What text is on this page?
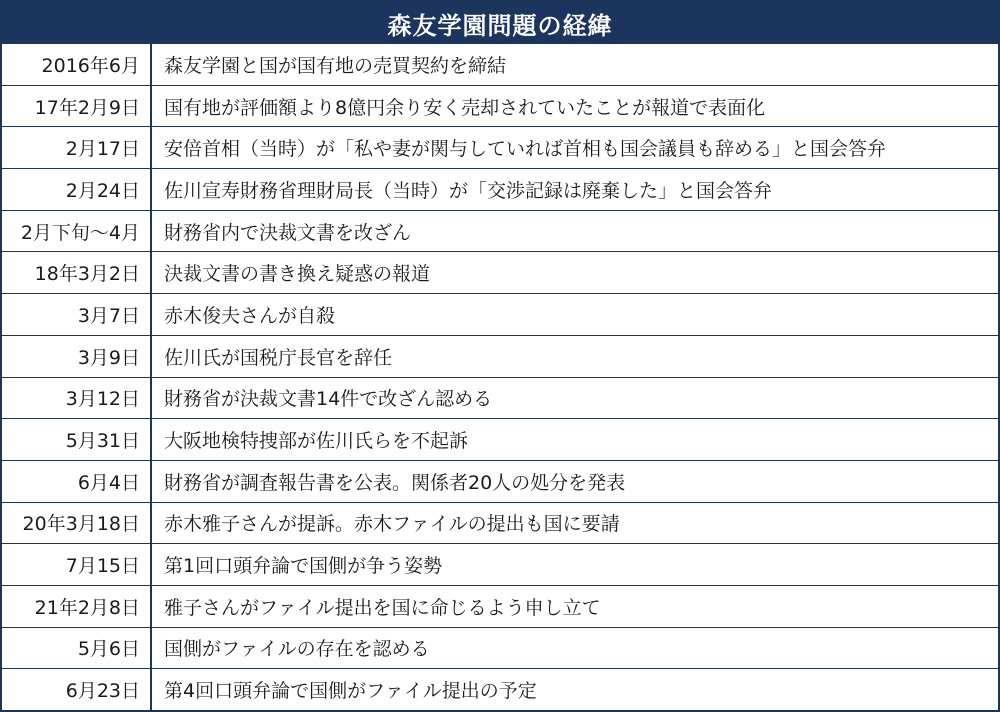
森友学園問題の経緯
2016年6月	森友学園と国が国有地の売買契約を締結
17年2月9日	国有地が評価額より8億円余り安く売却されていたことが報道で表面化
2月17日	安倍首相（当時）が「私や妻が関与していれば首相も国会議員も辞める」と国会答弁
2月24日	佐川宣寿財務省理財局長（当時）が「交渉記録は廃棄した」と国会答弁
2月下旬～4月	財務省内で決裁文書を改ざん
18年3月2日	決裁文書の書き換え疑惑の報道
3月7日	赤木俊夫さんが自殺
3月9日	佐川氏が国税庁長官を辞任
3月12日	財務省が決裁文書14件で改ざん認める
5月31日	大阪地検特捜部が佐川氏らを不起訴
6月4日	財務省が調査報告書を公表。関係者20人の処分を発表
20年3月18日	赤木雅子さんが提訴。赤木ファイルの提出も国に要請
7月15日	第1回口頭弁論で国側が争う姿勢
21年2月8日	雅子さんがファイル提出を国に命じるよう申し立て
5月6日	国側がファイルの存在を認める
6月23日	第4回口頭弁論で国側がファイル提出の予定
